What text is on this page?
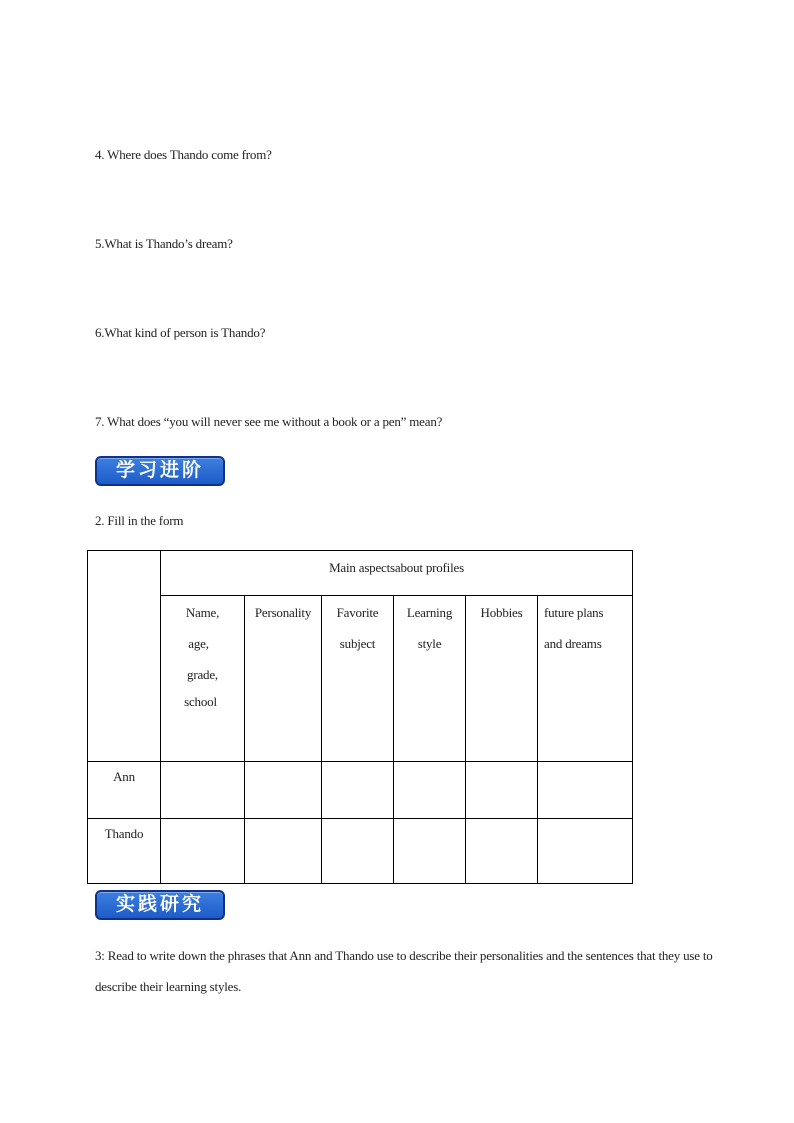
4. Where does Thando come from?
5.What is Thando’s dream?
6.What kind of person is Thando?
7. What does “you will never see me without a book or a pen” mean?
学习进阶
2. Fill in the form
Main aspectsabout profiles
Name,
age,
grade,
school
Personality	Favorite
subject
Learning
style
Hobbies	future plans
and dreams
Ann
Thando
实践研究
3: Read to write down the phrases that Ann and Thando use to describe their personalities and the sentences that they use to describe their learning styles.
